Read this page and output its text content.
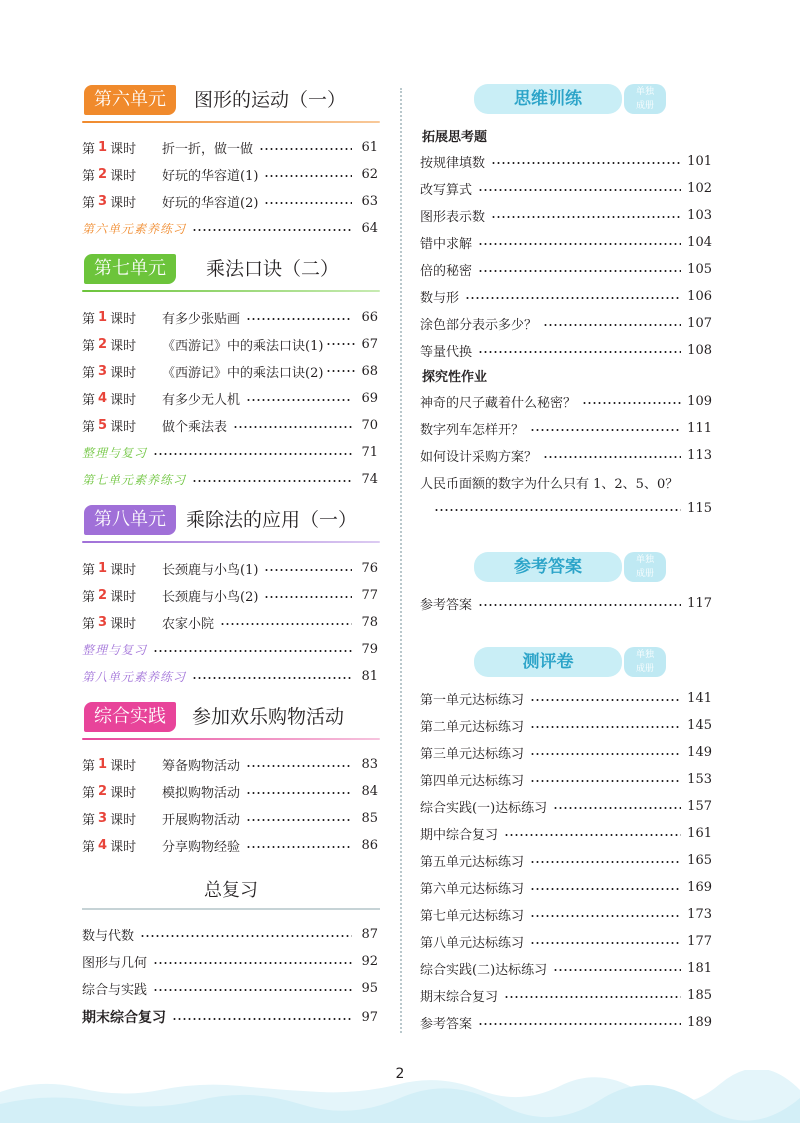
第六单元	图形的运动（一）
第 1 课时 折一折，做一做	61
第 2 课时 好玩的华容道(1)	62
第 3 课时 好玩的华容道(2)	63
第六单元素养练习	64
第七单元	乘法口诀（二）
第 1 课时 有多少张贴画	66
第 2 课时 《西游记》中的乘法口诀(1)	67
第 3 课时 《西游记》中的乘法口诀(2)	68
第 4 课时 有多少无人机	69
第 5 课时 做个乘法表	70
整理与复习	71
第七单元素养练习	74
第八单元	乘除法的应用（一）
第 1 课时 长颈鹿与小鸟(1)	76
第 2 课时 长颈鹿与小鸟(2)	77
第 3 课时 农家小院	78
整理与复习	79
第八单元素养练习	81
综合实践	参加欢乐购物活动
第 1 课时 筹备购物活动	83
第 2 课时 模拟购物活动	84
第 3 课时 开展购物活动	85
第 4 课时 分享购物经验	86
总复习
数与代数	87
图形与几何	92
综合与实践	95
期末综合复习	97
思维训练	单独
成册
拓展思考题
按规律填数	101
改写算式	102
图形表示数	103
错中求解	104
倍的秘密	105
数与形	106
涂色部分表示多少？	107
等量代换	108
探究性作业
神奇的尺子藏着什么秘密？	109
数字列车怎样开？	111
如何设计采购方案？	113
人民币面额的数字为什么只有 1、2、5、0？
115
参考答案	单独
成册
参考答案	117
测评卷	单独
成册
第一单元达标练习	141
第二单元达标练习	145
第三单元达标练习	149
第四单元达标练习	153
综合实践(一)达标练习	157
期中综合复习	161
第五单元达标练习	165
第六单元达标练习	169
第七单元达标练习	173
第八单元达标练习	177
综合实践(二)达标练习	181
期末综合复习	185
参考答案	189
2
